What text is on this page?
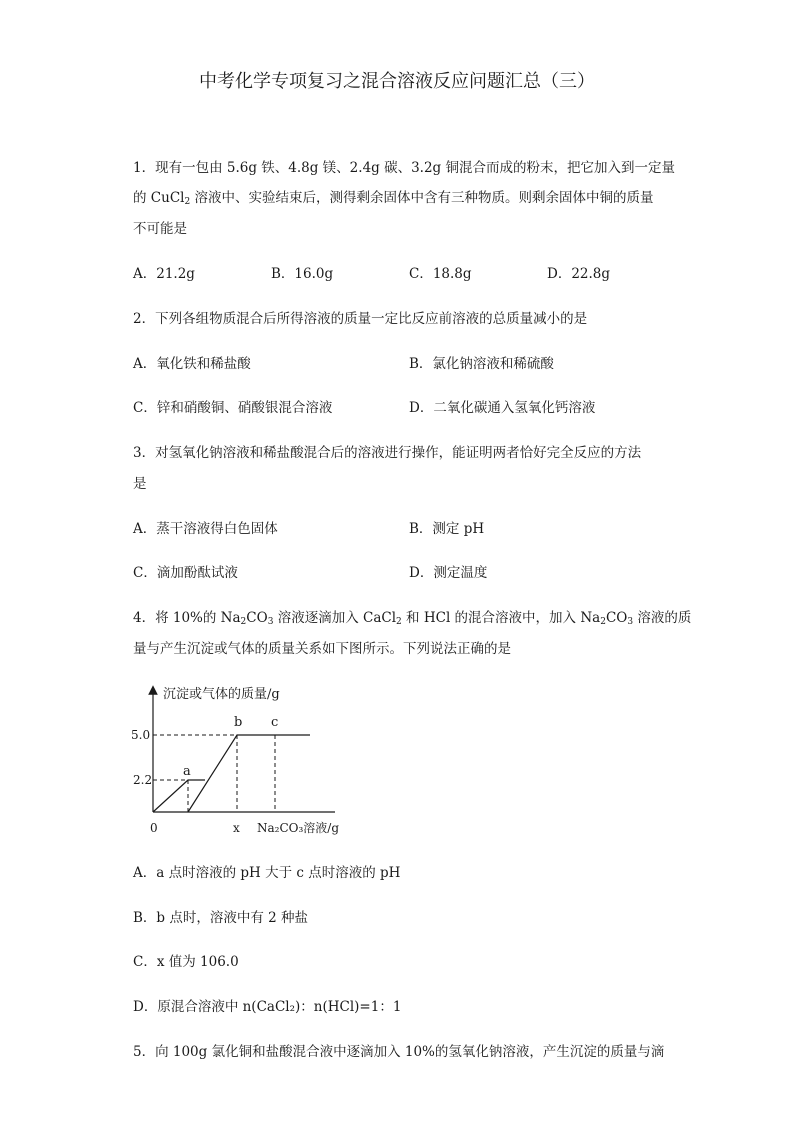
中考化学专项复习之混合溶液反应问题汇总（三）
1．现有一包由 5.6g 铁、4.8g 镁、2.4g 碳、3.2g 铜混合而成的粉末，把它加入到一定量
的 CuCl$_2$ 溶液中、实验结束后，测得剩余固体中含有三种物质。则剩余固体中铜的质量
不可能是
A．21.2g	B．16.0g	C．18.8g	D．22.8g
2．下列各组物质混合后所得溶液的质量一定比反应前溶液的总质量减小的是
A．氧化铁和稀盐酸	B．氯化钠溶液和稀硫酸
C．锌和硝酸铜、硝酸银混合溶液	D．二氧化碳通入氢氧化钙溶液
3．对氢氧化钠溶液和稀盐酸混合后的溶液进行操作，能证明两者恰好完全反应的方法
是
A．蒸干溶液得白色固体	B．测定 pH
C．滴加酚酞试液	D．测定温度
4．将 10%的 $Na_2CO_3$ 溶液逐滴加入 CaCl$_2$ 和 HCl 的混合溶液中，加入 $Na_2CO_3$ 溶液的质
量与产生沉淀或气体的质量关系如下图所示。下列说法正确的是
沉淀或气体的质量/g
5.0
2.2
0	x Na₂CO₃溶液/g
a
b c
A．a 点时溶液的 pH 大于 c 点时溶液的 pH
B．b 点时，溶液中有 2 种盐
C．x 值为 106.0
D．原混合溶液中 n(CaCl₂)：n(HCl)=1：1
5．向 100g 氯化铜和盐酸混合液中逐滴加入 10%的氢氧化钠溶液，产生沉淀的质量与滴
